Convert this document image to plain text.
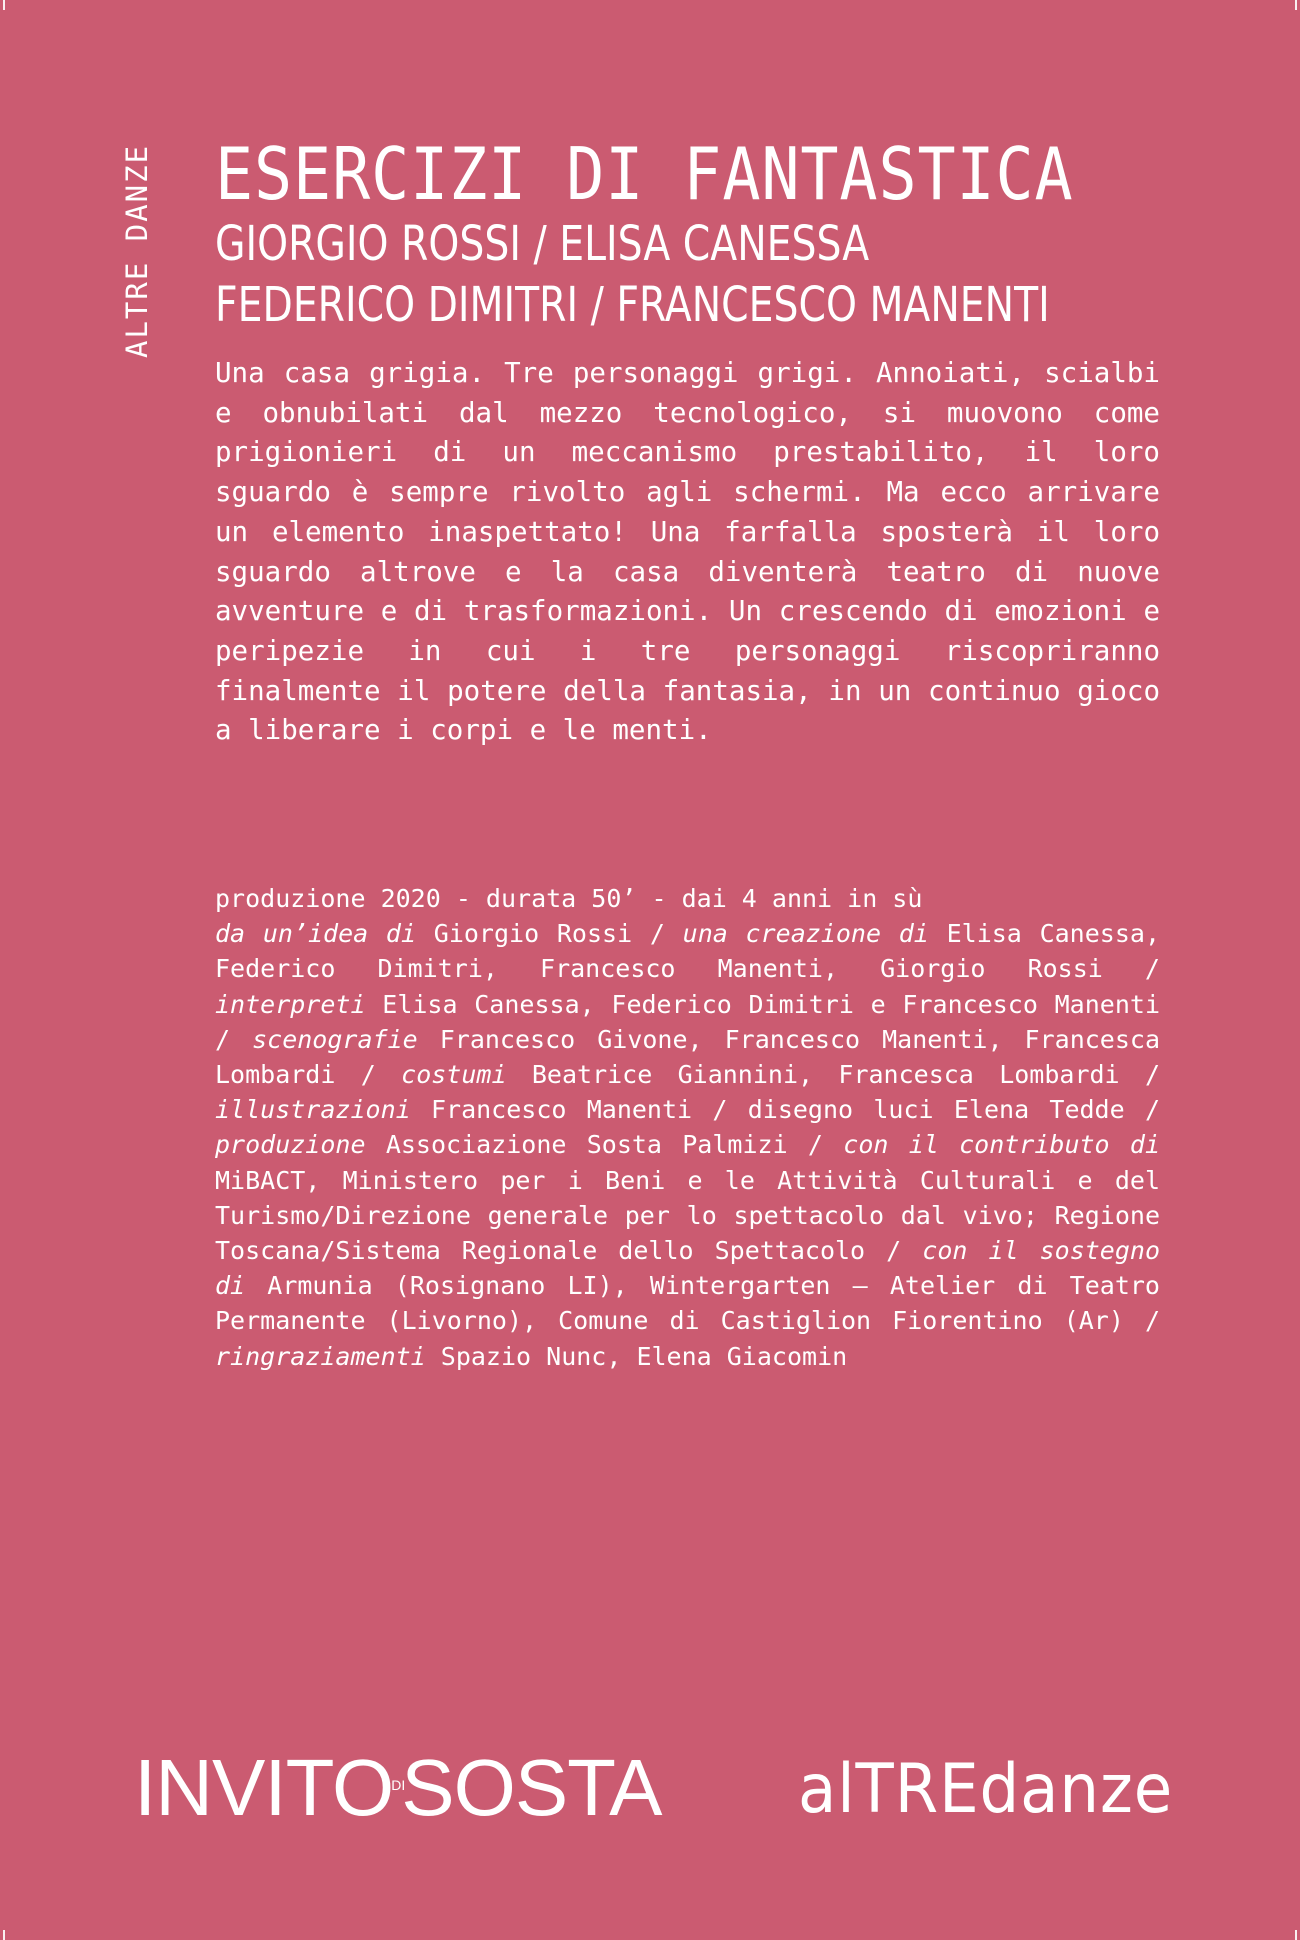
ALTRE DANZE ESERCIZI DI FANTASTICA

GIORGIO ROSSI / ELISA CANESSA

FEDERICO DIMITRI / FRANCESCO MANENTI

Una casa grigia. Tre personaggi grigi. Annoiati, scialbi e obnubilati dal mezzo tecnologico, si muovono come prigionieri di un meccanismo prestabilito, il loro sguardo è sempre rivolto agli schermi. Ma ecco arrivare un elemento inaspettato! Una farfalla sposterà il loro sguardo altrove e la casa diventerà teatro di nuove avventure e di trasformazioni. Un crescendo di emozioni e peripezie in cui i tre personaggi riscopriranno finalmente il potere della fantasia, in un continuo gioco a liberare i corpi e le menti.

produzione 2020 - durata 50’ - dai 4 anni in sù
da un’idea di Giorgio Rossi / una creazione di Elisa Canessa, Federico Dimitri, Francesco Manenti, Giorgio Rossi / interpreti Elisa Canessa, Federico Dimitri e Francesco Manenti / scenografie Francesco Givone, Francesco Manenti, Francesca Lombardi / costumi Beatrice Giannini, Francesca Lombardi / illustrazioni Francesco Manenti / disegno luci Elena Tedde / produzione Associazione Sosta Palmizi / con il contributo di MiBACT, Ministero per i Beni e le Attività Culturali e del Turismo/Direzione generale per lo spettacolo dal vivo; Regione Toscana/Sistema Regionale dello Spettacolo / con il sostegno di Armunia (Rosignano LI), Wintergarten – Atelier di Teatro Permanente (Livorno), Comune di Castiglion Fiorentino (Ar) / ringraziamenti Spazio Nunc, Elena Giacomin

INVITODISOSTA alTREdanze
